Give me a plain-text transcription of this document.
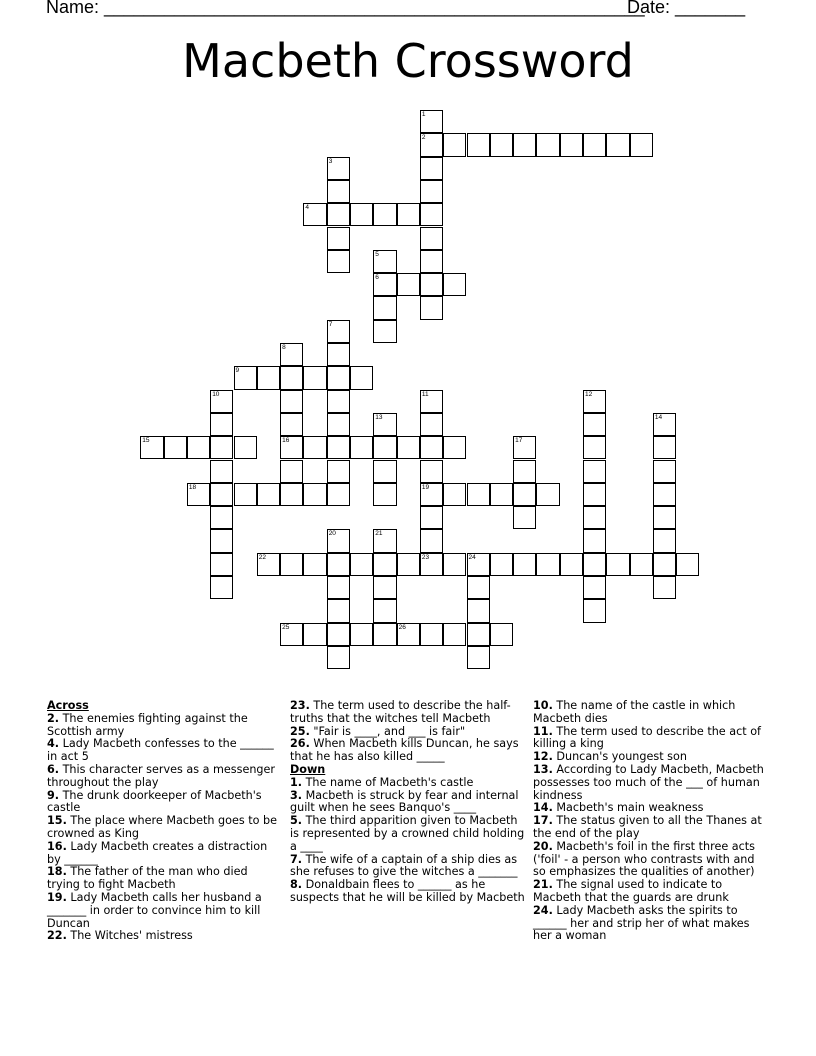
Name: ______________________________________________________
Date: _______
Macbeth Crossword
1
2
3
4
5
6
7
8
16
9
10	11
19
12
13	14
15	17
18
20	21
22	23	24
25	26
Across
2. The enemies fighting against the Scottish army
4. Lady Macbeth confesses to the ______ in act 5
6. This character serves as a messenger throughout the play
9. The drunk doorkeeper of Macbeth's castle
15. The place where Macbeth goes to be crowned as King
16. Lady Macbeth creates a distraction by ______
18. The father of the man who died trying to fight Macbeth
19. Lady Macbeth calls her husband a _______ in order to convince him to kill Duncan
22. The Witches' mistress
23. The term used to describe the half-truths that the witches tell Macbeth
25. "Fair is ____, and ___ is fair"
26. When Macbeth kills Duncan, he says that he has also killed _____
Down
1. The name of Macbeth's castle
3. Macbeth is struck by fear and internal guilt when he sees Banquo's ____
5. The third apparition given to Macbeth is represented by a crowned child holding a ____
7. The wife of a captain of a ship dies as she refuses to give the witches a _______
8. Donaldbain flees to ______ as he suspects that he will be killed by Macbeth
10. The name of the castle in which Macbeth dies
11. The term used to describe the act of killing a king
12. Duncan's youngest son
13. According to Lady Macbeth, Macbeth possesses too much of the ___ of human kindness
14. Macbeth's main weakness
17. The status given to all the Thanes at the end of the play
20. Macbeth's foil in the first three acts ('foil' - a person who contrasts with and so emphasizes the qualities of another)
21. The signal used to indicate to Macbeth that the guards are drunk
24. Lady Macbeth asks the spirits to ______ her and strip her of what makes her a woman
